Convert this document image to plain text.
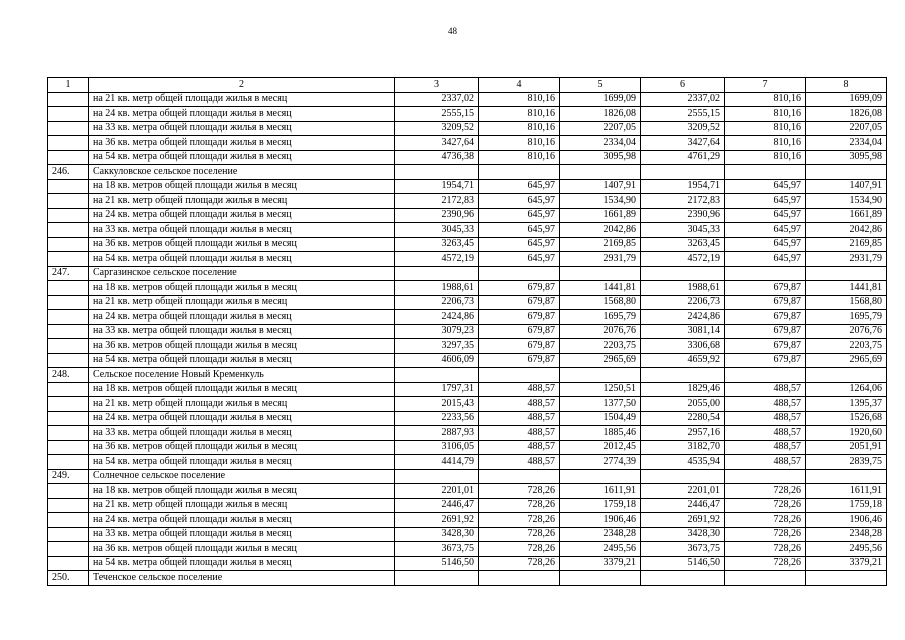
48
1	2	3	4	5	6	7	8
	на 21 кв. метр общей площади жилья в месяц	2337,02	810,16	1699,09	2337,02	810,16	1699,09
	на 24 кв. метра общей площади жилья в месяц	2555,15	810,16	1826,08	2555,15	810,16	1826,08
	на 33 кв. метра общей площади жилья в месяц	3209,52	810,16	2207,05	3209,52	810,16	2207,05
	на 36 кв. метра общей площади жилья в месяц	3427,64	810,16	2334,04	3427,64	810,16	2334,04
	на 54 кв. метра общей площади жилья в месяц	4736,38	810,16	3095,98	4761,29	810,16	3095,98
246.	Саккуловское сельское поселение						
	на 18 кв. метров общей площади жилья в месяц	1954,71	645,97	1407,91	1954,71	645,97	1407,91
	на 21 кв. метр общей площади жилья в месяц	2172,83	645,97	1534,90	2172,83	645,97	1534,90
	на 24 кв. метра общей площади жилья в месяц	2390,96	645,97	1661,89	2390,96	645,97	1661,89
	на 33 кв. метра общей площади жилья в месяц	3045,33	645,97	2042,86	3045,33	645,97	2042,86
	на 36 кв. метров общей площади жилья в месяц	3263,45	645,97	2169,85	3263,45	645,97	2169,85
	на 54 кв. метра общей площади жилья в месяц	4572,19	645,97	2931,79	4572,19	645,97	2931,79
247.	Саргазинское сельское поселение						
	на 18 кв. метров общей площади жилья в месяц	1988,61	679,87	1441,81	1988,61	679,87	1441,81
	на 21 кв. метр общей площади жилья в месяц	2206,73	679,87	1568,80	2206,73	679,87	1568,80
	на 24 кв. метра общей площади жилья в месяц	2424,86	679,87	1695,79	2424,86	679,87	1695,79
	на 33 кв. метра общей площади жилья в месяц	3079,23	679,87	2076,76	3081,14	679,87	2076,76
	на 36 кв. метров общей площади жилья в месяц	3297,35	679,87	2203,75	3306,68	679,87	2203,75
	на 54 кв. метра общей площади жилья в месяц	4606,09	679,87	2965,69	4659,92	679,87	2965,69
248.	Сельское поселение Новый Кременкуль						
	на 18 кв. метров общей площади жилья в месяц	1797,31	488,57	1250,51	1829,46	488,57	1264,06
	на 21 кв. метр общей площади жилья в месяц	2015,43	488,57	1377,50	2055,00	488,57	1395,37
	на 24 кв. метра общей площади жилья в месяц	2233,56	488,57	1504,49	2280,54	488,57	1526,68
	на 33 кв. метра общей площади жилья в месяц	2887,93	488,57	1885,46	2957,16	488,57	1920,60
	на 36 кв. метров общей площади жилья в месяц	3106,05	488,57	2012,45	3182,70	488,57	2051,91
	на 54 кв. метра общей площади жилья в месяц	4414,79	488,57	2774,39	4535,94	488,57	2839,75
249.	Солнечное сельское поселение						
	на 18 кв. метров общей площади жилья в месяц	2201,01	728,26	1611,91	2201,01	728,26	1611,91
	на 21 кв. метр общей площади жилья в месяц	2446,47	728,26	1759,18	2446,47	728,26	1759,18
	на 24 кв. метра общей площади жилья в месяц	2691,92	728,26	1906,46	2691,92	728,26	1906,46
	на 33 кв. метра общей площади жилья в месяц	3428,30	728,26	2348,28	3428,30	728,26	2348,28
	на 36 кв. метров общей площади жилья в месяц	3673,75	728,26	2495,56	3673,75	728,26	2495,56
	на 54 кв. метра общей площади жилья в месяц	5146,50	728,26	3379,21	5146,50	728,26	3379,21
250.	Теченское сельское поселение						
